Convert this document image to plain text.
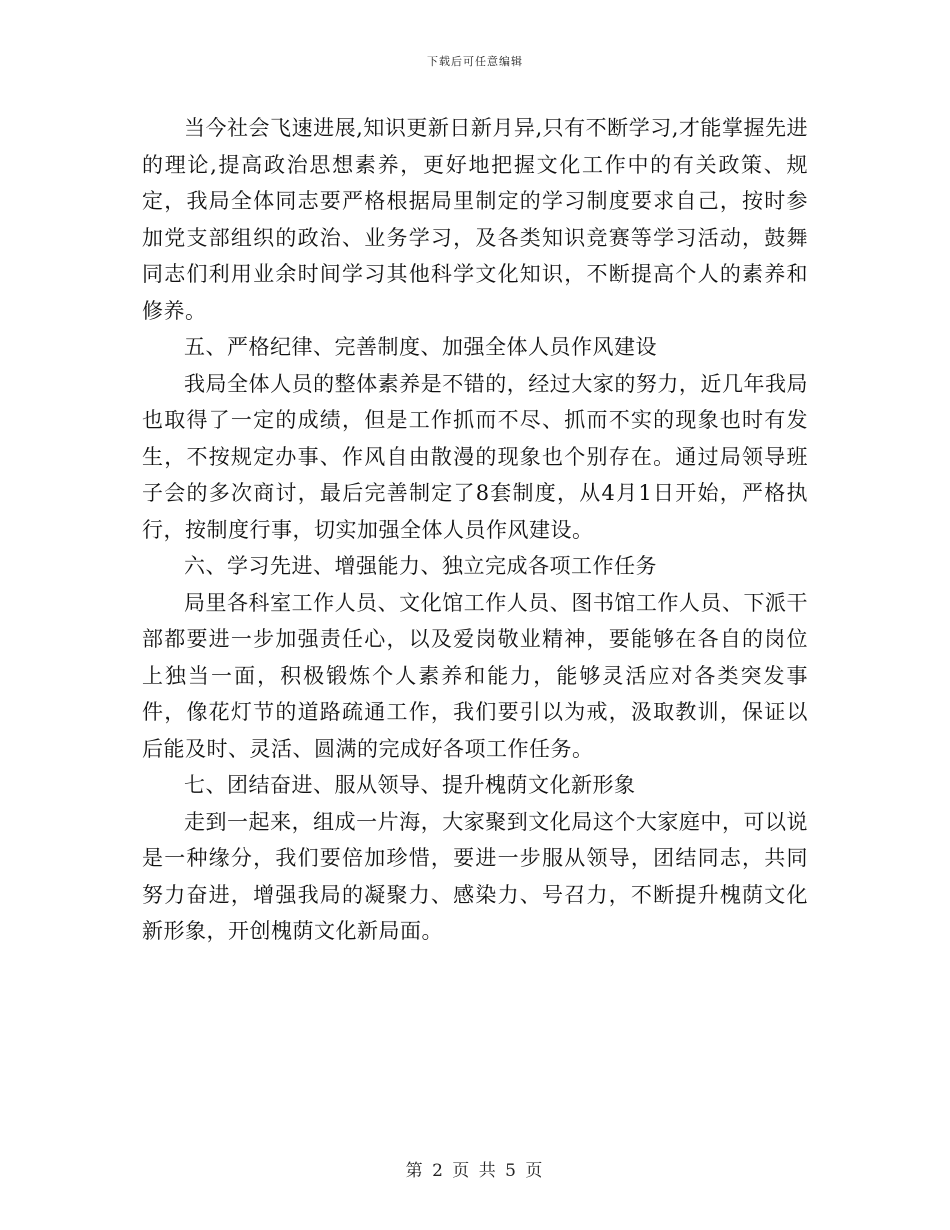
下载后可任意编辑

当今社会飞速进展,知识更新日新月异,只有不断学习,才能掌握先进的理论,提高政治思想素养，更好地把握文化工作中的有关政策、规定，我局全体同志要严格根据局里制定的学习制度要求自己，按时参加党支部组织的政治、业务学习，及各类知识竞赛等学习活动，鼓舞同志们利用业余时间学习其他科学文化知识，不断提高个人的素养和修养。

五、严格纪律、完善制度、加强全体人员作风建设

我局全体人员的整体素养是不错的，经过大家的努力，近几年我局也取得了一定的成绩，但是工作抓而不尽、抓而不实的现象也时有发生，不按规定办事、作风自由散漫的现象也个别存在。通过局领导班子会的多次商讨，最后完善制定了8套制度，从4月1日开始，严格执行，按制度行事，切实加强全体人员作风建设。

六、学习先进、增强能力、独立完成各项工作任务

局里各科室工作人员、文化馆工作人员、图书馆工作人员、下派干部都要进一步加强责任心，以及爱岗敬业精神，要能够在各自的岗位上独当一面，积极锻炼个人素养和能力，能够灵活应对各类突发事件，像花灯节的道路疏通工作，我们要引以为戒，汲取教训，保证以后能及时、灵活、圆满的完成好各项工作任务。

七、团结奋进、服从领导、提升槐荫文化新形象

走到一起来，组成一片海，大家聚到文化局这个大家庭中，可以说是一种缘分，我们要倍加珍惜，要进一步服从领导，团结同志，共同努力奋进，增强我局的凝聚力、感染力、号召力，不断提升槐荫文化新形象，开创槐荫文化新局面。

第 2 页 共 5 页
